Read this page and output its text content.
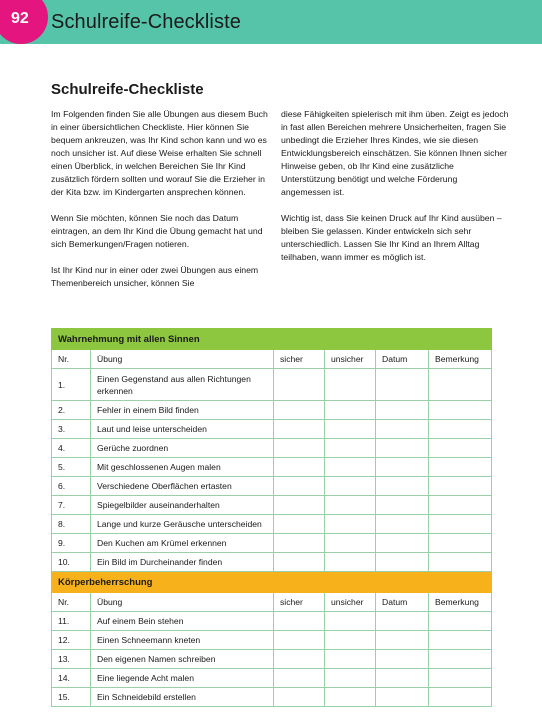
92 Schulreife-Checkliste
Schulreife-Checkliste

Im Folgenden finden Sie alle Übungen aus diesem Buch in einer übersichtlichen Checkliste. Hier können Sie bequem ankreuzen, was Ihr Kind schon kann und wo es noch unsicher ist. Auf diese Weise erhalten Sie schnell einen Überblick, in welchen Bereichen Sie Ihr Kind zusätzlich fördern sollten und worauf Sie die Erzieher in der Kita bzw. im Kindergarten ansprechen können.

Wenn Sie möchten, können Sie noch das Datum eintragen, an dem Ihr Kind die Übung gemacht hat und sich Bemerkungen/Fragen notieren.

Ist Ihr Kind nur in einer oder zwei Übungen aus einem Themenbereich unsicher, können Sie

diese Fähigkeiten spielerisch mit ihm üben. Zeigt es jedoch in fast allen Bereichen mehrere Unsicherheiten, fragen Sie unbedingt die Erzieher Ihres Kindes, wie sie diesen Entwicklungsbereich einschätzen. Sie können Ihnen sicher Hinweise geben, ob Ihr Kind eine zusätzliche Unterstützung benötigt und welche Förderung angemessen ist.

Wichtig ist, dass Sie keinen Druck auf Ihr Kind ausüben – bleiben Sie gelassen. Kinder entwickeln sich sehr unterschiedlich. Lassen Sie Ihr Kind an Ihrem Alltag teilhaben, wann immer es möglich ist.

Wahrnehmung mit allen Sinnen					
Nr.	Übung	sicher	unsicher	Datum	Bemerkung
1.	Einen Gegenstand aus allen Richtungen erkennen				
2.	Fehler in einem Bild finden				
3.	Laut und leise unterscheiden				
4.	Gerüche zuordnen				
5.	Mit geschlossenen Augen malen				
6.	Verschiedene Oberflächen ertasten				
7.	Spiegelbilder auseinanderhalten				
8.	Lange und kurze Geräusche unterscheiden				
9.	Den Kuchen am Krümel erkennen				
10.	Ein Bild im Durcheinander finden				
Körperbeherrschung					
Nr.	Übung	sicher	unsicher	Datum	Bemerkung
11.	Auf einem Bein stehen				
12.	Einen Schneemann kneten				
13.	Den eigenen Namen schreiben				
14.	Eine liegende Acht malen				
15.	Ein Schneidebild erstellen				
